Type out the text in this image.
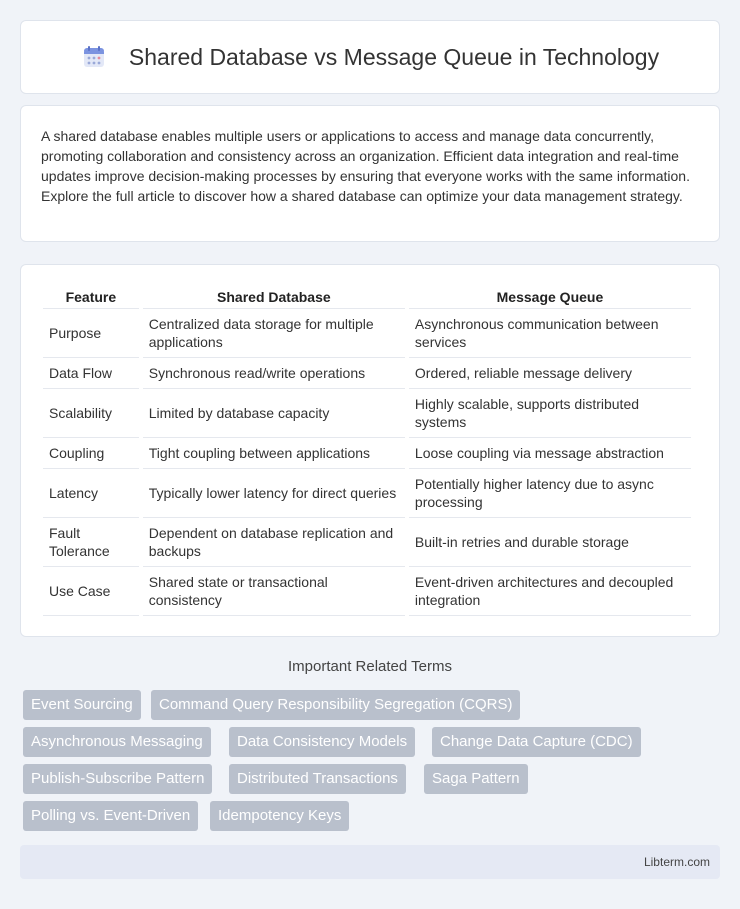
Shared Database vs Message Queue in Technology

A shared database enables multiple users or applications to access and manage data concurrently, promoting collaboration and consistency across an organization. Efficient data integration and real-time updates improve decision-making processes by ensuring that everyone works with the same information. Explore the full article to discover how a shared database can optimize your data management strategy.

Feature	Shared Database	Message Queue
Purpose	Centralized data storage for multiple applications	Asynchronous communication between services
Data Flow	Synchronous read/write operations	Ordered, reliable message delivery
Scalability	Limited by database capacity	Highly scalable, supports distributed systems
Coupling	Tight coupling between applications	Loose coupling via message abstraction
Latency	Typically lower latency for direct queries	Potentially higher latency due to async processing
Fault Tolerance	Dependent on database replication and backups	Built-in retries and durable storage
Use Case	Shared state or transactional consistency	Event-driven architectures and decoupled integration
Important Related Terms
Event Sourcing	Command Query Responsibility Segregation (CQRS)
Asynchronous Messaging	Data Consistency Models	Change Data Capture (CDC)
Publish-Subscribe Pattern	Distributed Transactions	Saga Pattern
Polling vs. Event-Driven	Idempotency Keys
Libterm.com
